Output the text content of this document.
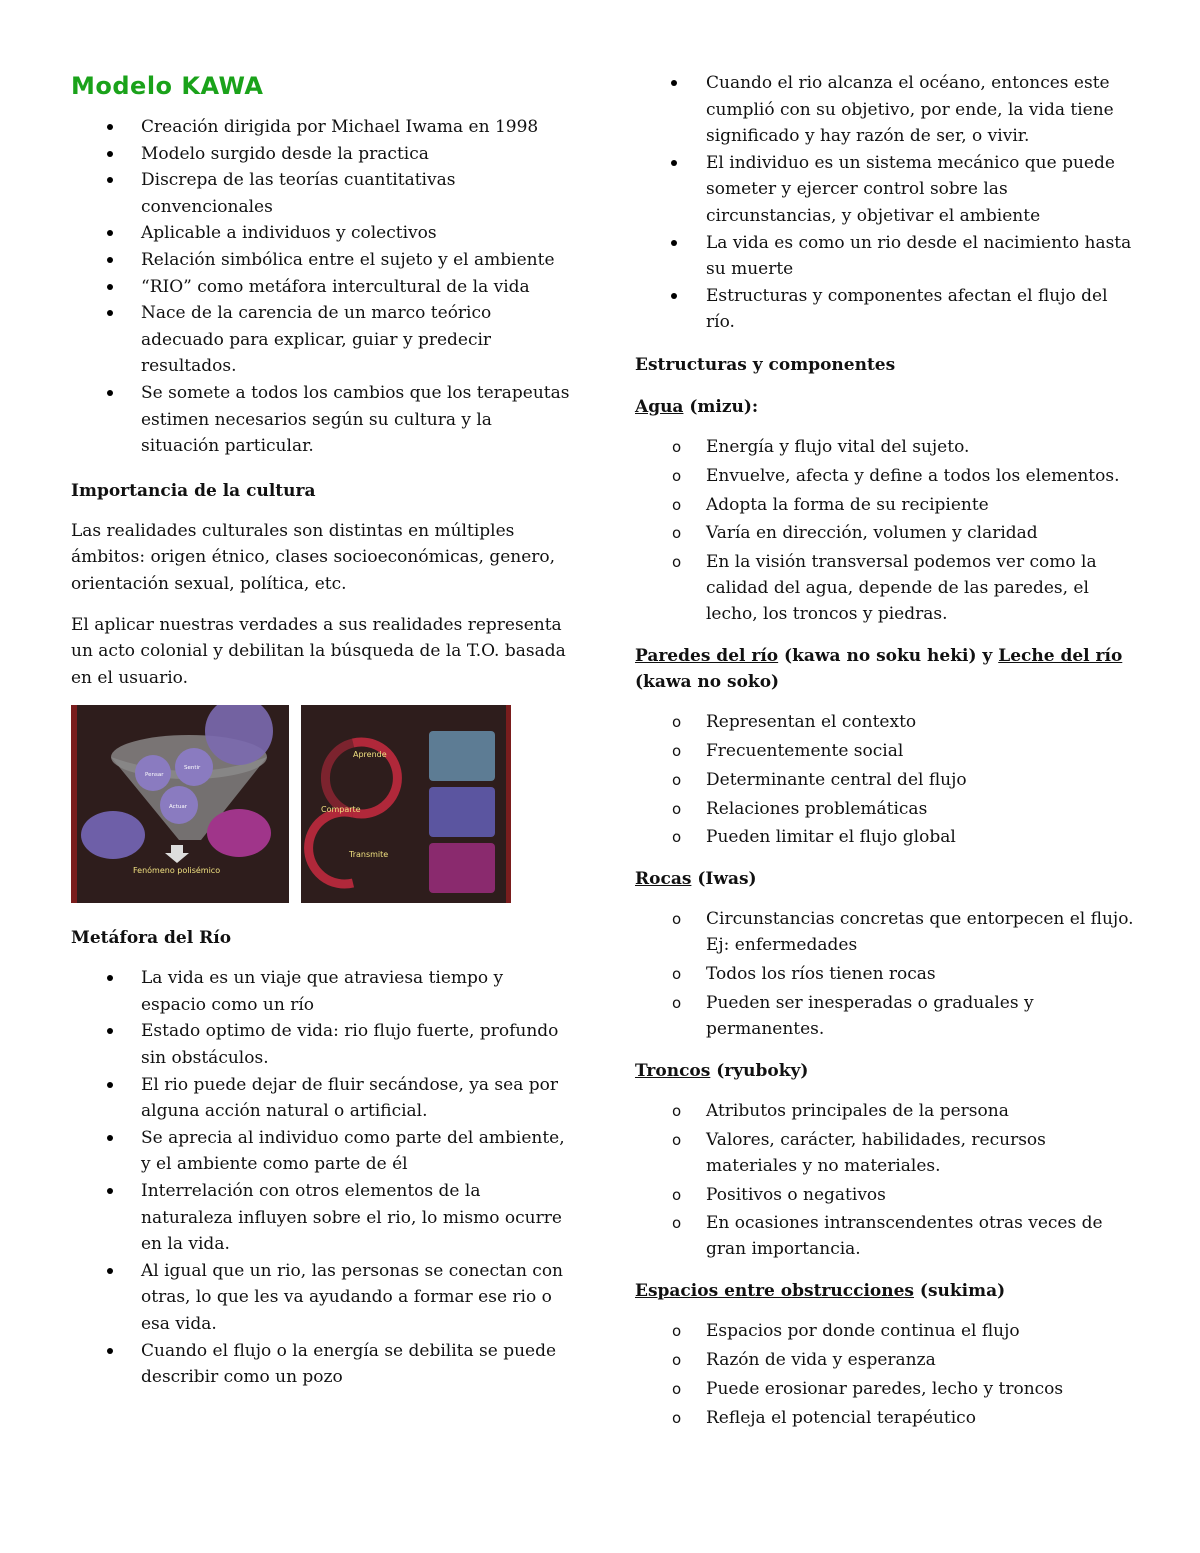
Modelo KAWA
Creación dirigida por Michael Iwama en 1998
Modelo surgido desde la practica
Discrepa de las teorías cuantitativas convencionales
Aplicable a individuos y colectivos
Relación simbólica entre el sujeto y el ambiente
“RIO” como metáfora intercultural de la vida
Nace de la carencia de un marco teórico adecuado para explicar, guiar y predecir resultados.
Se somete a todos los cambios que los terapeutas estimen necesarios según su cultura y la situación particular.
Importancia de la cultura

Las realidades culturales son distintas en múltiples ámbitos: origen étnico, clases socioeconómicas, genero, orientación sexual, política, etc.

El aplicar nuestras verdades a sus realidades representa un acto colonial y debilitan la búsqueda de la T.O. basada en el usuario.

Pensar
Sentir
Actuar
Fenómeno polisémico
Aprende
Comparte
Transmite
Metáfora del Río
La vida es un viaje que atraviesa tiempo y espacio como un río
Estado optimo de vida: rio flujo fuerte, profundo sin obstáculos.
El rio puede dejar de fluir secándose, ya sea por alguna acción natural o artificial.
Se aprecia al individuo como parte del ambiente, y el ambiente como parte de él
Interrelación con otros elementos de la naturaleza influyen sobre el rio, lo mismo ocurre en la vida.
Al igual que un rio, las personas se conectan con otras, lo que les va ayudando a formar ese rio o esa vida.
Cuando el flujo o la energía se debilita se puede describir como un pozo
Cuando el rio alcanza el océano, entonces este cumplió con su objetivo, por ende, la vida tiene significado y hay razón de ser, o vivir.
El individuo es un sistema mecánico que puede someter y ejercer control sobre las circunstancias, y objetivar el ambiente
La vida es como un rio desde el nacimiento hasta su muerte
Estructuras y componentes afectan el flujo del río.
Estructuras y componentes
Agua (mizu):
o Energía y flujo vital del sujeto.
o Envuelve, afecta y define a todos los elementos.
o Adopta la forma de su recipiente
o Varía en dirección, volumen y claridad
o En la visión transversal podemos ver como la calidad del agua, depende de las paredes, el lecho, los troncos y piedras.
Paredes del río (kawa no soku heki) y Leche del río (kawa no soko)
o Representan el contexto
o Frecuentemente social
o Determinante central del flujo
o Relaciones problemáticas
o Pueden limitar el flujo global
Rocas (Iwas)
o Circunstancias concretas que entorpecen el flujo. Ej: enfermedades
o Todos los ríos tienen rocas
o Pueden ser inesperadas o graduales y permanentes.
Troncos (ryuboky)
o Atributos principales de la persona
o Valores, carácter, habilidades, recursos materiales y no materiales.
o Positivos o negativos
o En ocasiones intranscendentes otras veces de gran importancia.
Espacios entre obstrucciones (sukima)
o Espacios por donde continua el flujo
o Razón de vida y esperanza
o Puede erosionar paredes, lecho y troncos
o Refleja el potencial terapéutico
